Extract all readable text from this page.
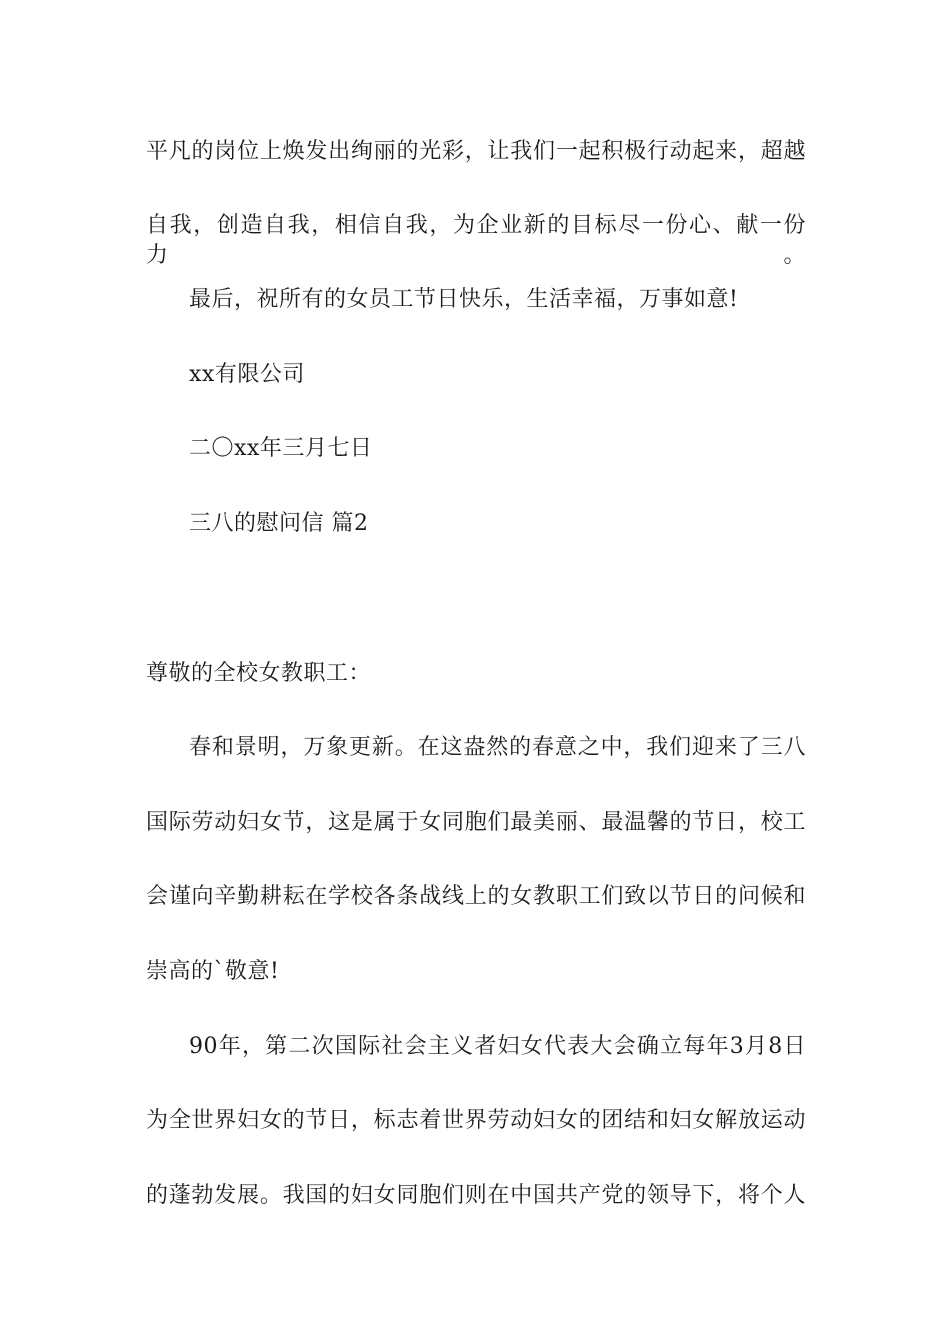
平凡的岗位上焕发出绚丽的光彩，让我们一起积极行动起来，超越
自我，创造自我，相信自我，为企业新的目标尽一份心、献一份力。
最后，祝所有的女员工节日快乐，生活幸福，万事如意!
xx有限公司
二〇xx年三月七日
三八的慰问信 篇2
尊敬的全校女教职工：
春和景明，万象更新。在这盎然的春意之中，我们迎来了三八
国际劳动妇女节，这是属于女同胞们最美丽、最温馨的节日，校工
会谨向辛勤耕耘在学校各条战线上的女教职工们致以节日的问候和
崇高的`敬意!
90年，第二次国际社会主义者妇女代表大会确立每年3月8日
为全世界妇女的节日，标志着世界劳动妇女的团结和妇女解放运动
的蓬勃发展。我国的妇女同胞们则在中国共产党的领导下，将个人
